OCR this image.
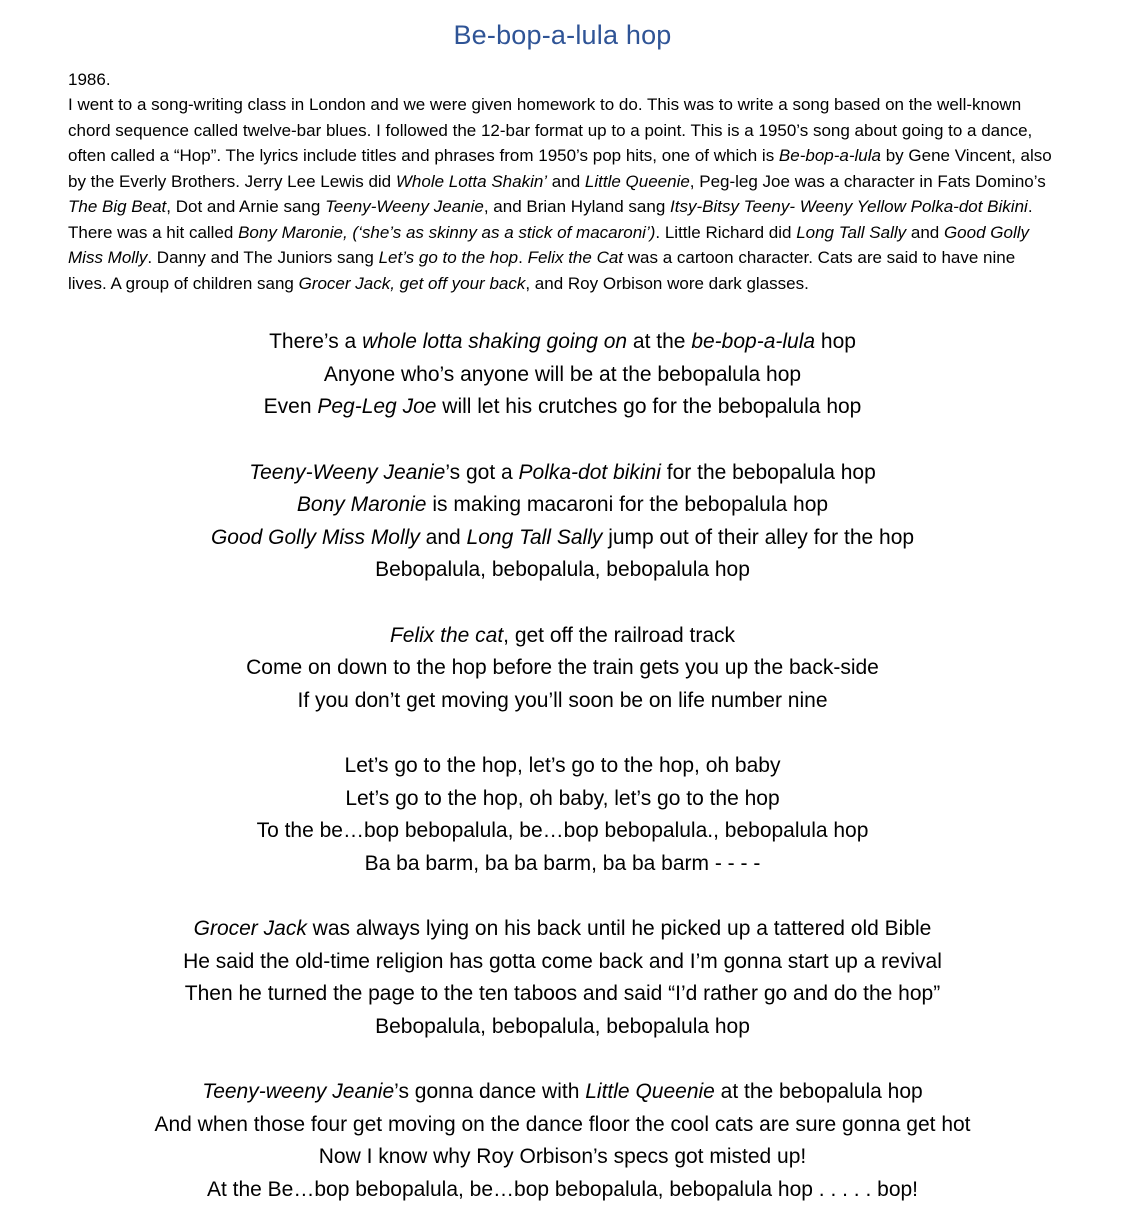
Be-bop-a-lula hop

1986.

I went to a song-writing class in London and we were given homework to do. This was to write a song based on the well-known chord sequence called twelve-bar blues. I followed the 12-bar format up to a point. This is a 1950’s song about going to a dance, often called a “Hop”. The lyrics include titles and phrases from 1950’s pop hits, one of which is Be-bop-a-lula by Gene Vincent, also by the Everly Brothers. Jerry Lee Lewis did Whole Lotta Shakin’ and Little Queenie, Peg-leg Joe was a character in Fats Domino’s The Big Beat, Dot and Arnie sang Teeny-Weeny Jeanie, and Brian Hyland sang Itsy-Bitsy Teeny- Weeny Yellow Polka-dot Bikini. There was a hit called Bony Maronie, (‘she’s as skinny as a stick of macaroni’). Little Richard did Long Tall Sally and Good Golly Miss Molly. Danny and The Juniors sang Let’s go to the hop. Felix the Cat was a cartoon character. Cats are said to have nine lives. A group of children sang Grocer Jack, get off your back, and Roy Orbison wore dark glasses.

There’s a whole lotta shaking going on at the be-bop-a-lula hop
Anyone who’s anyone will be at the bebopalula hop
Even Peg-Leg Joe will let his crutches go for the bebopalula hop
Teeny-Weeny Jeanie’s got a Polka-dot bikini for the bebopalula hop
Bony Maronie is making macaroni for the bebopalula hop
Good Golly Miss Molly and Long Tall Sally jump out of their alley for the hop
Bebopalula, bebopalula, bebopalula hop
Felix the cat, get off the railroad track
Come on down to the hop before the train gets you up the back-side
If you don’t get moving you’ll soon be on life number nine
Let’s go to the hop, let’s go to the hop, oh baby
Let’s go to the hop, oh baby, let’s go to the hop
To the be…bop bebopalula, be…bop bebopalula., bebopalula hop
Ba ba barm, ba ba barm, ba ba barm - - - -
Grocer Jack was always lying on his back until he picked up a tattered old Bible
He said the old-time religion has gotta come back and I’m gonna start up a revival
Then he turned the page to the ten taboos and said “I’d rather go and do the hop”
Bebopalula, bebopalula, bebopalula hop
Teeny-weeny Jeanie’s gonna dance with Little Queenie at the bebopalula hop
And when those four get moving on the dance floor the cool cats are sure gonna get hot
Now I know why Roy Orbison’s specs got misted up!
At the Be…bop bebopalula, be…bop bebopalula, bebopalula hop . . . . . bop!
